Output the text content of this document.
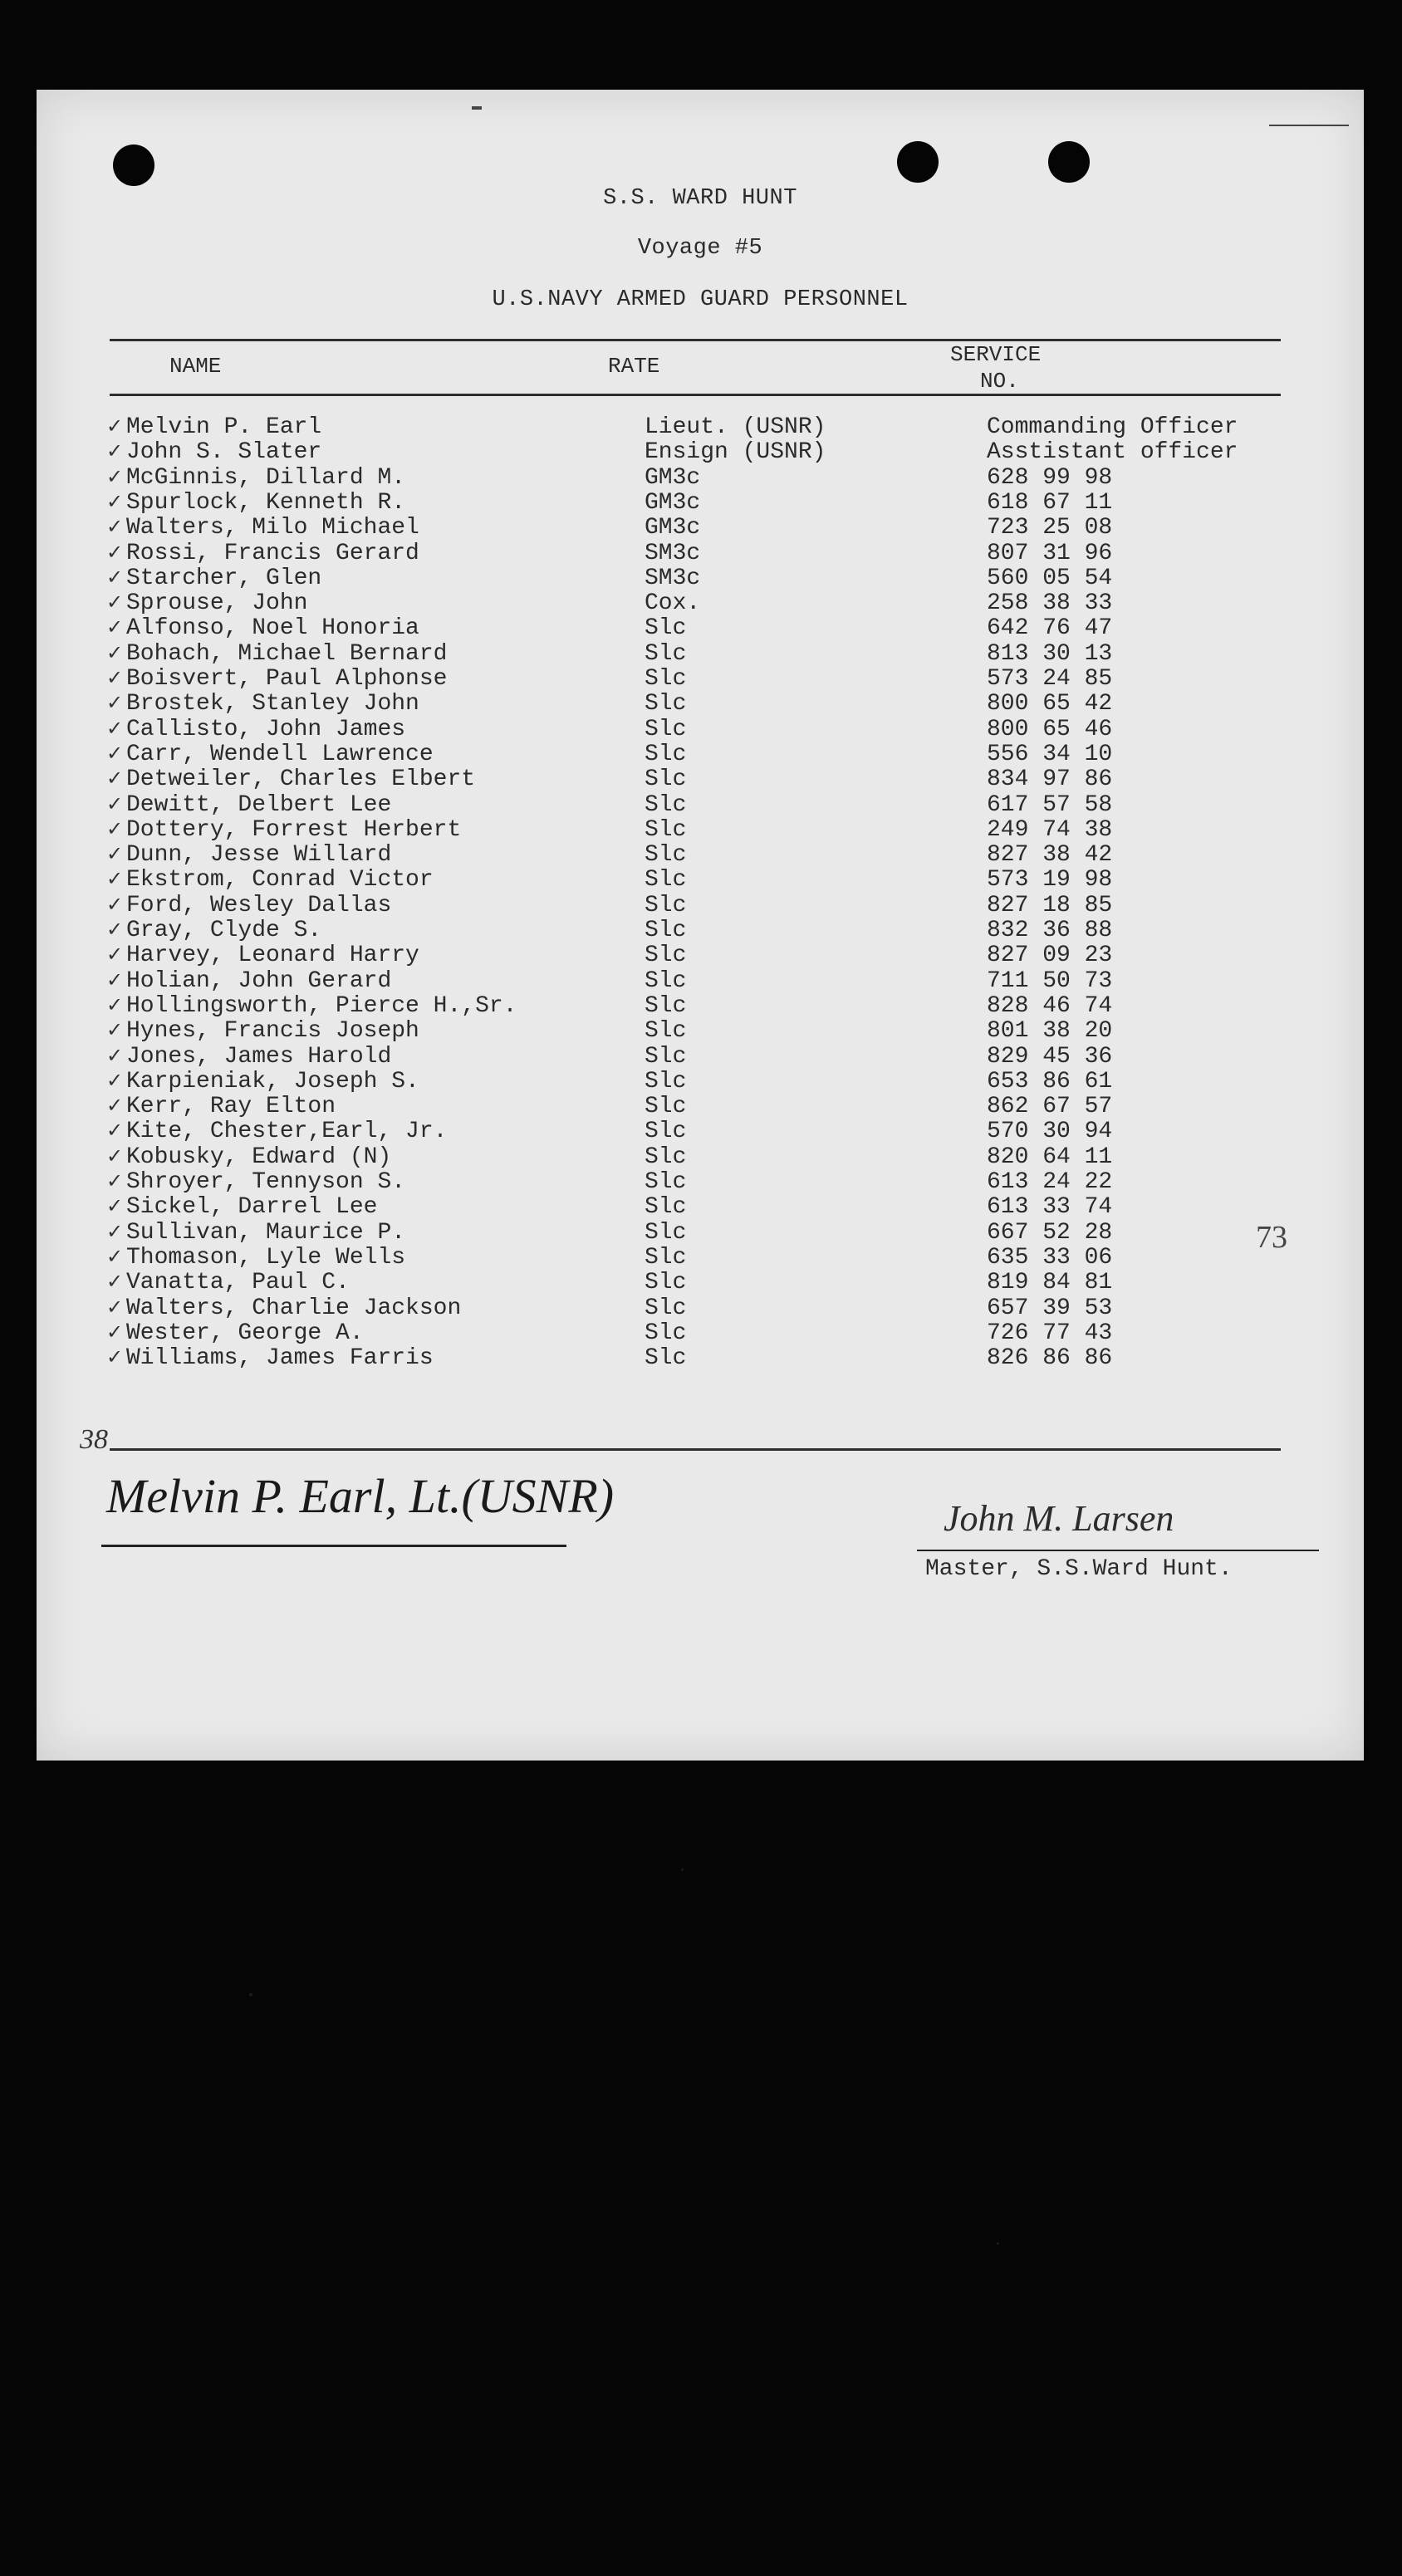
S.S. WARD HUNT
Voyage #5
U.S.NAVY ARMED GUARD PERSONNEL
NAME	RATE	SERVICE
NO.
✓ Melvin P. Earl	Lieut. (USNR)	Commanding Officer
✓ John S. Slater	Ensign (USNR)	Asstistant officer
✓ McGinnis, Dillard M.	GM3c	628 99 98
✓ Spurlock, Kenneth R.	GM3c	618 67 11
✓ Walters, Milo Michael	GM3c	723 25 08
✓ Rossi, Francis Gerard	SM3c	807 31 96
✓ Starcher, Glen	SM3c	560 05 54
✓ Sprouse, John	Cox.	258 38 33
✓ Alfonso, Noel Honoria	Slc	642 76 47
✓ Bohach, Michael Bernard	Slc	813 30 13
✓ Boisvert, Paul Alphonse	Slc	573 24 85
✓ Brostek, Stanley John	Slc	800 65 42
✓ Callisto, John James	Slc	800 65 46
✓ Carr, Wendell Lawrence	Slc	556 34 10
✓ Detweiler, Charles Elbert	Slc	834 97 86
✓ Dewitt, Delbert Lee	Slc	617 57 58
✓ Dottery, Forrest Herbert	Slc	249 74 38
✓ Dunn, Jesse Willard	Slc	827 38 42
✓ Ekstrom, Conrad Victor	Slc	573 19 98
✓ Ford, Wesley Dallas	Slc	827 18 85
✓ Gray, Clyde S.	Slc	832 36 88
✓ Harvey, Leonard Harry	Slc	827 09 23
✓ Holian, John Gerard	Slc	711 50 73
✓ Hollingsworth, Pierce H.,Sr.	Slc	828 46 74
✓ Hynes, Francis Joseph	Slc	801 38 20
✓ Jones, James Harold	Slc	829 45 36
✓ Karpieniak, Joseph S.	Slc	653 86 61
✓ Kerr, Ray Elton	Slc	862 67 57
✓ Kite, Chester,Earl, Jr.	Slc	570 30 94
✓ Kobusky, Edward (N)	Slc	820 64 11
✓ Shroyer, Tennyson S.	Slc	613 24 22
✓ Sickel, Darrel Lee	Slc	613 33 74
✓ Sullivan, Maurice P.	Slc	667 52 28
✓ Thomason, Lyle Wells	Slc	635 33 06
✓ Vanatta, Paul C.	Slc	819 84 81
✓ Walters, Charlie Jackson	Slc	657 39 53
✓ Wester, George A.	Slc	726 77 43
✓ Williams, James Farris	Slc	826 86 86
73
38
Melvin P. Earl, Lt.(USNR)	John M. Larsen
Master, S.S.Ward Hunt.
